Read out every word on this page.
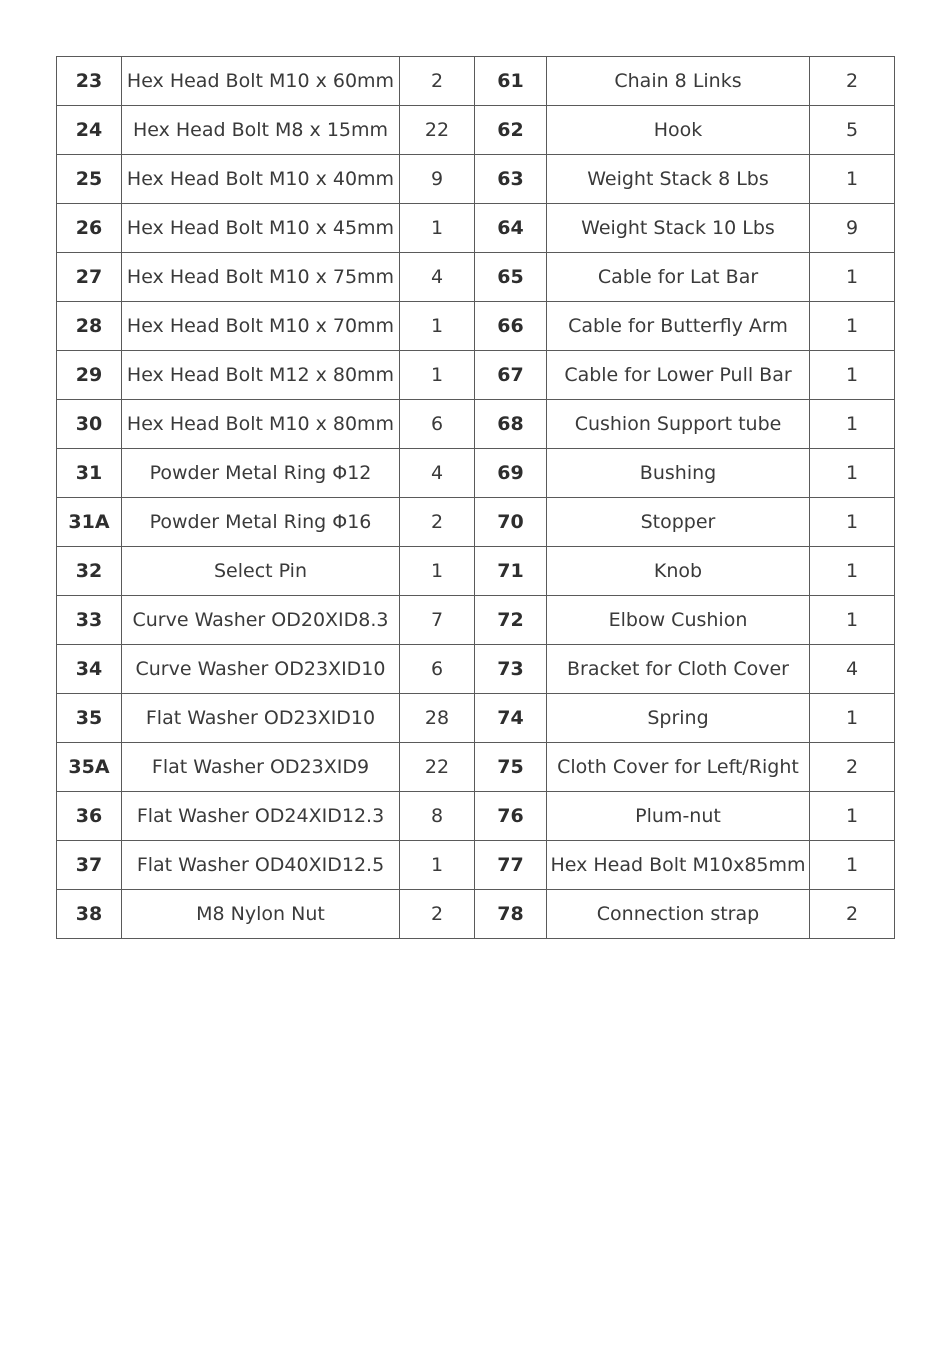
23	Hex Head Bolt M10 x 60mm	2	61	Chain 8 Links	2
24	Hex Head Bolt M8 x 15mm	22	62	Hook	5
25	Hex Head Bolt M10 x 40mm	9	63	Weight Stack 8 Lbs	1
26	Hex Head Bolt M10 x 45mm	1	64	Weight Stack 10 Lbs	9
27	Hex Head Bolt M10 x 75mm	4	65	Cable for Lat Bar	1
28	Hex Head Bolt M10 x 70mm	1	66	Cable for Butterfly Arm	1
29	Hex Head Bolt M12 x 80mm	1	67	Cable for Lower Pull Bar	1
30	Hex Head Bolt M10 x 80mm	6	68	Cushion Support tube	1
31	Powder Metal Ring Φ12	4	69	Bushing	1
31A	Powder Metal Ring Φ16	2	70	Stopper	1
32	Select Pin	1	71	Knob	1
33	Curve Washer OD20XID8.3	7	72	Elbow Cushion	1
34	Curve Washer OD23XID10	6	73	Bracket for Cloth Cover	4
35	Flat Washer OD23XID10	28	74	Spring	1
35A	Flat Washer OD23XID9	22	75	Cloth Cover for Left/Right	2
36	Flat Washer OD24XID12.3	8	76	Plum-nut	1
37	Flat Washer OD40XID12.5	1	77	Hex Head Bolt M10x85mm	1
38	M8 Nylon Nut	2	78	Connection strap	2
